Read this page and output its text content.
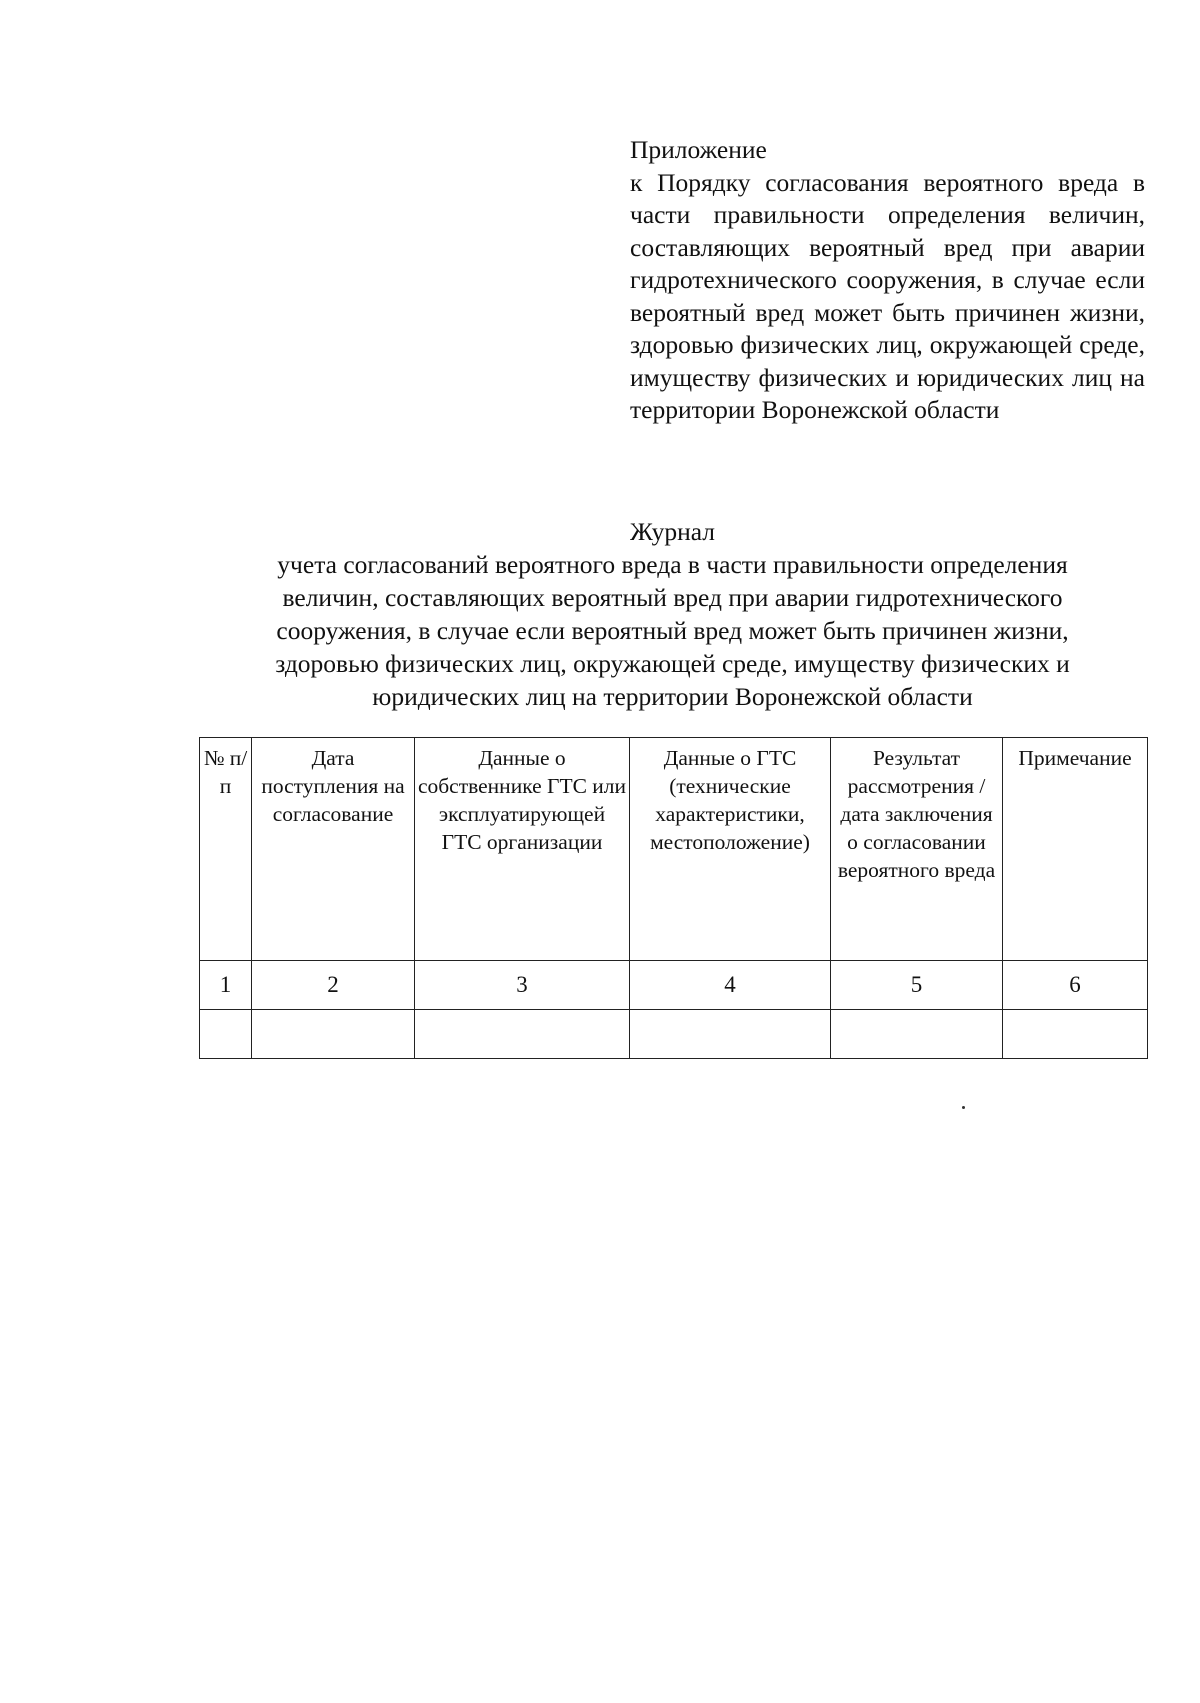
Приложение
к Порядку согласования вероятного вреда в части правильности определения величин, составляющих вероятный вред при аварии гидротехнического сооружения, в случае если вероятный вред может быть причинен жизни, здоровью физических лиц, окружающей среде, имуществу физических и юридических лиц на территории Воронежской области
Журнал
учета согласований вероятного вреда в части правильности определения
величин, составляющих вероятный вред при аварии гидротехнического
сооружения, в случае если вероятный вред может быть причинен жизни,
здоровью физических лиц, окружающей среде, имуществу физических и
юридических лиц на территории Воронежской области
№ п/п	Дата поступления на согласование	Данные о собственнике ГТС или эксплуатирующей ГТС организации	Данные о ГТС (технические характеристики, местоположение)	Результат рассмотрения / дата заключения о согласовании вероятного вреда	Примечание
1	2	3	4	5	6
